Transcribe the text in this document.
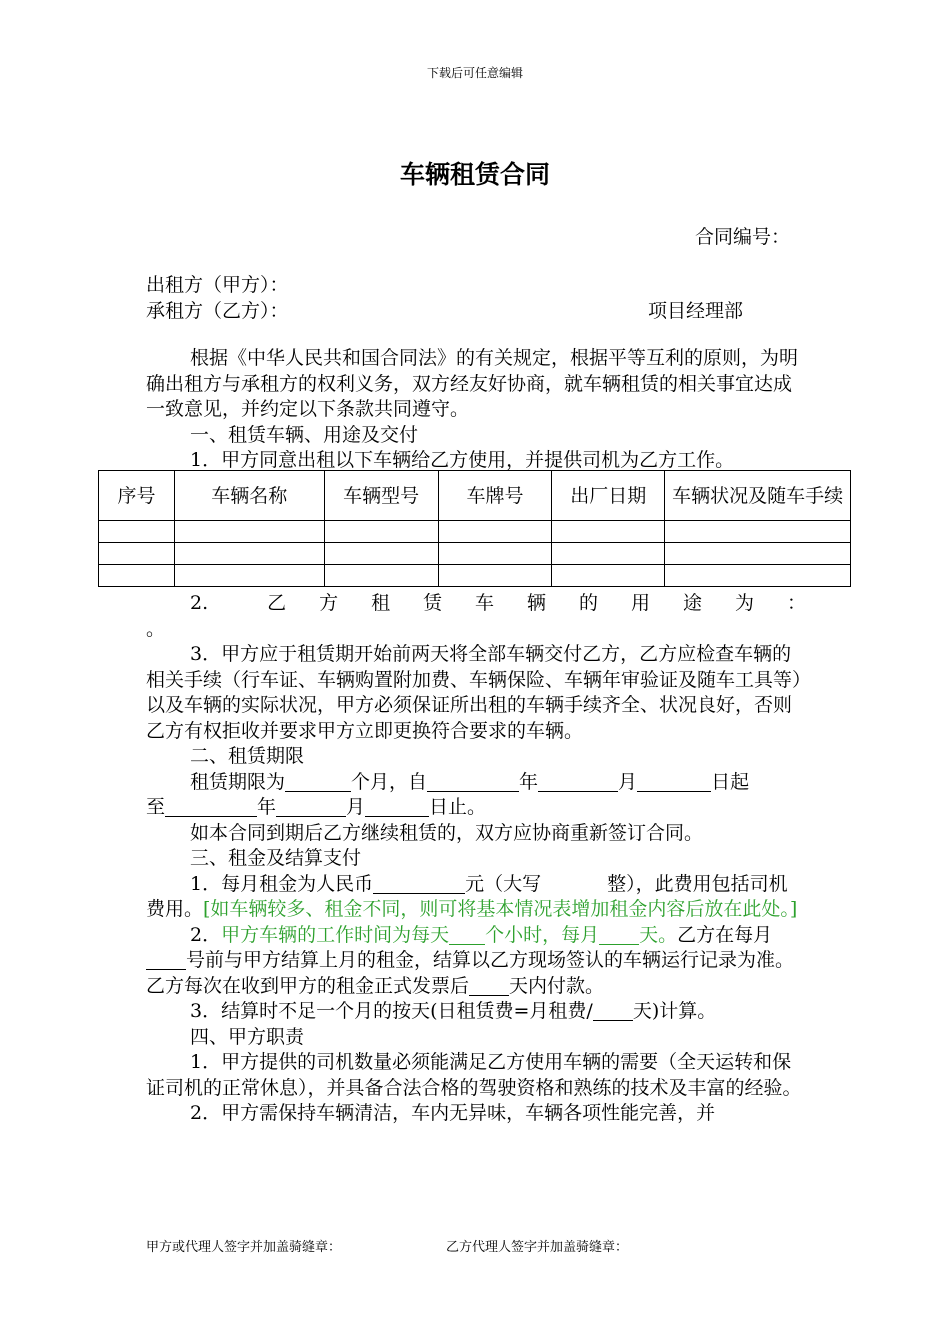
下载后可任意编辑
车辆租赁合同
合同编号：
出租方（甲方）：
承租方（乙方）：	项目经理部

根据《中华人民共和国合同法》的有关规定，根据平等互利的原则，为明确出租方与承租方的权利义务，双方经友好协商，就车辆租赁的相关事宜达成一致意见，并约定以下条款共同遵守。

一、租赁车辆、用途及交付

1．甲方同意出租以下车辆给乙方使用，并提供司机为乙方工作。

序号	车辆名称	车辆型号	车牌号	出厂日期	车辆状况及随车手续

2.　　乙　方　租　赁　车　辆　的　用　途　为　：

。

3．甲方应于租赁期开始前两天将全部车辆交付乙方，乙方应检查车辆的相关手续（行车证、车辆购置附加费、车辆保险、车辆年审验证及随车工具等）以及车辆的实际状况，甲方必须保证所出租的车辆手续齐全、状况良好，否则乙方有权拒收并要求甲方立即更换符合要求的车辆。

二、租赁期限

租赁期限为	个月，自	年	月	日起

至	年	月	日止。

如本合同到期后乙方继续租赁的，双方应协商重新签订合同。

三、租金及结算支付

1．每月租金为人民币	元（大写	整），此费用包括司机费用。[如车辆较多、租金不同，则可将基本情况表增加租金内容后放在此处。]

2．甲方车辆的工作时间为每天 个小时，每月 天。乙方在每月号前与甲方结算上月的租金，结算以乙方现场签认的车辆运行记录为准。乙方每次在收到甲方的租金正式发票后 天内付款。

3．结算时不足一个月的按天(日租赁费=月租费/ 天)计算。

四、甲方职责

1．甲方提供的司机数量必须能满足乙方使用车辆的需要（全天运转和保证司机的正常休息），并具备合法合格的驾驶资格和熟练的技术及丰富的经验。

2．甲方需保持车辆清洁，车内无异味，车辆各项性能完善，并

甲方或代理人签字并加盖骑缝章：	乙方代理人签字并加盖骑缝章：
